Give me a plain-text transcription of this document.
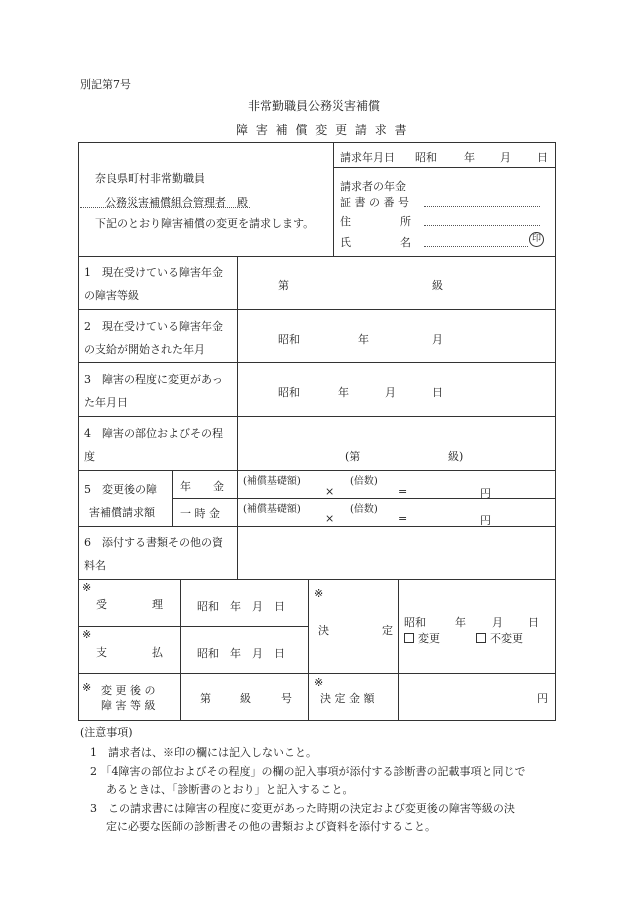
別記第7号
非常勤職員公務災害補償
障 害 補 償 変 更 請 求 書
奈良県町村非常勤職員
公務災害補償組合管理者　殿
下記のとおり障害補償の変更を請求します。
請求年月日 昭和 年 月 日
請求者の年金
証 書 の 番 号
住	所
氏	名	印
1　現在受けている障害年金
の障害等級
第	級
2　現在受けている障害年金
の支給が開始された年月
昭和	年	月
3　障害の程度に変更があっ
た年月日
昭和	年	月	日
4　障害の部位およびその程
度	(第	級)
5　変更後の障
害補償請求額
年　　金 (補償基礎額)	(倍数)
×	=	円
一 時 金 (補償基礎額)	(倍数)
×	=	円
6　添付する書類その他の資
料名
※
受	理	昭和　年　月　日
※
支	払	昭和　年　月　日
※
決	定
昭和	年 月 日
変更	不変更
※ 変 更 後 の
障 害 等 級
第	級	号
※
決 定 金 額	円
(注意事項)
1　請求者は、※印の欄には記入しないこと。
2 「4障害の部位およびその程度」の欄の記入事項が添付する診断書の記載事項と同じで
あるときは、「診断書のとおり」と記入すること。
3　この請求書には障害の程度に変更があった時期の決定および変更後の障害等級の決
定に必要な医師の診断書その他の書類および資料を添付すること。
